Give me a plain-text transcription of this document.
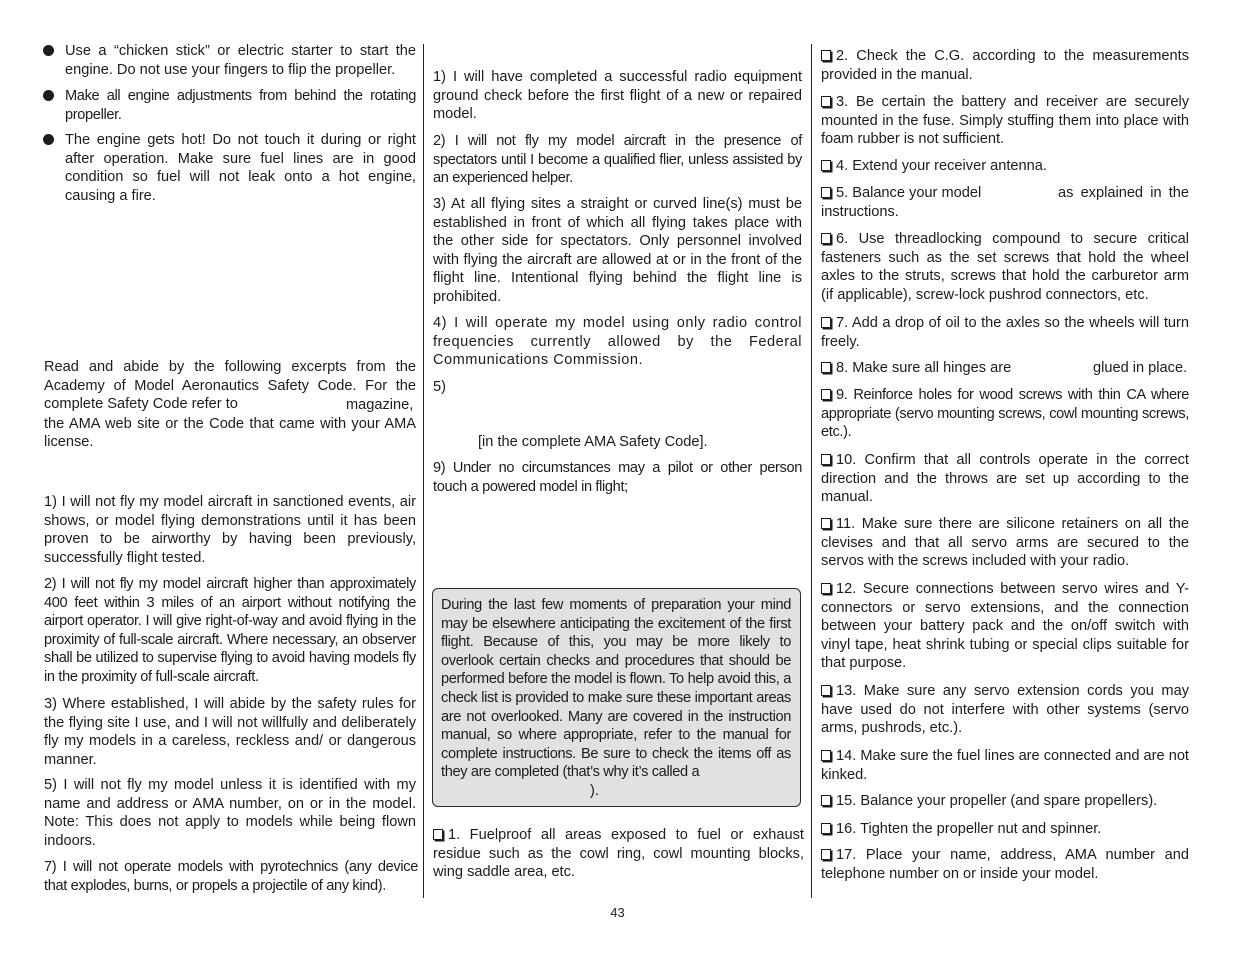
Use a “chicken stick” or electric starter to start the engine. Do not use your fingers to flip the propeller.

Make all engine adjustments from behind the rotating propeller.

The engine gets hot! Do not touch it during or right after operation. Make sure fuel lines are in good condition so fuel will not leak onto a hot engine, causing a fire.

Read and abide by the following excerpts from the Academy of Model Aeronautics Safety Code. For the complete Safety Code refer to	magazine, the AMA web site or the Code that came with your AMA license.

1) I will not fly my model aircraft in sanctioned events, air shows, or model flying demonstrations until it has been proven to be airworthy by having been previously, successfully flight tested.

2) I will not fly my model aircraft higher than approximately 400 feet within 3 miles of an airport without notifying the airport operator. I will give right-of-way and avoid flying in the proximity of full-scale aircraft. Where necessary, an observer shall be utilized to supervise flying to avoid having models fly in the proximity of full-scale aircraft.

3) Where established, I will abide by the safety rules for the flying site I use, and I will not willfully and deliberately fly my models in a careless, reckless and/ or dangerous manner.

5) I will not fly my model unless it is identified with my name and address or AMA number, on or in the model. Note: This does not apply to models while being flown indoors.

7) I will not operate models with pyrotechnics (any device that explodes, burns, or propels a projectile of any kind).

1) I will have completed a successful radio equipment ground check before the first flight of a new or repaired model.

2) I will not fly my model aircraft in the presence of spectators until I become a qualified flier, unless assisted by an experienced helper.

3) At all flying sites a straight or curved line(s) must be established in front of which all flying takes place with the other side for spectators. Only personnel involved with flying the aircraft are allowed at or in the front of the flight line. Intentional flying behind the flight line is prohibited.

4) I will operate my model using only radio control frequencies currently allowed by the Federal Communications Commission.

5)

[in the complete AMA Safety Code].

9) Under no circumstances may a pilot or other person touch a powered model in flight;

During the last few moments of preparation your mind may be elsewhere anticipating the excitement of the first flight. Because of this, you may be more likely to overlook certain checks and procedures that should be performed before the model is flown. To help avoid this, a check list is provided to make sure these important areas are not overlooked. Many are covered in the instruction manual, so where appropriate, refer to the manual for complete instructions. Be sure to check the items off as they are completed (that’s why it’s called a

).

1. Fuelproof all areas exposed to fuel or exhaust residue such as the cowl ring, cowl mounting blocks, wing saddle area, etc.

2. Check the C.G. according to the measurements provided in the manual.

3. Be certain the battery and receiver are securely mounted in the fuse. Simply stuffing them into place with foam rubber is not sufficient.

4. Extend your receiver antenna.

5. Balance your model	as explained in the instructions.

6. Use threadlocking compound to secure critical fasteners such as the set screws that hold the wheel axles to the struts, screws that hold the carburetor arm (if applicable), screw-lock pushrod connectors, etc.

7. Add a drop of oil to the axles so the wheels will turn freely.

8. Make sure all hinges are	glued in place.

9. Reinforce holes for wood screws with thin CA where appropriate (servo mounting screws, cowl mounting screws, etc.).

10. Confirm that all controls operate in the correct direction and the throws are set up according to the manual.

11. Make sure there are silicone retainers on all the clevises and that all servo arms are secured to the servos with the screws included with your radio.

12. Secure connections between servo wires and Y-connectors or servo extensions, and the connection between your battery pack and the on/off switch with vinyl tape, heat shrink tubing or special clips suitable for that purpose.

13. Make sure any servo extension cords you may have used do not interfere with other systems (servo arms, pushrods, etc.).

14. Make sure the fuel lines are connected and are not kinked.

15. Balance your propeller (and spare propellers).

16. Tighten the propeller nut and spinner.

17. Place your name, address, AMA number and telephone number on or inside your model.

43
